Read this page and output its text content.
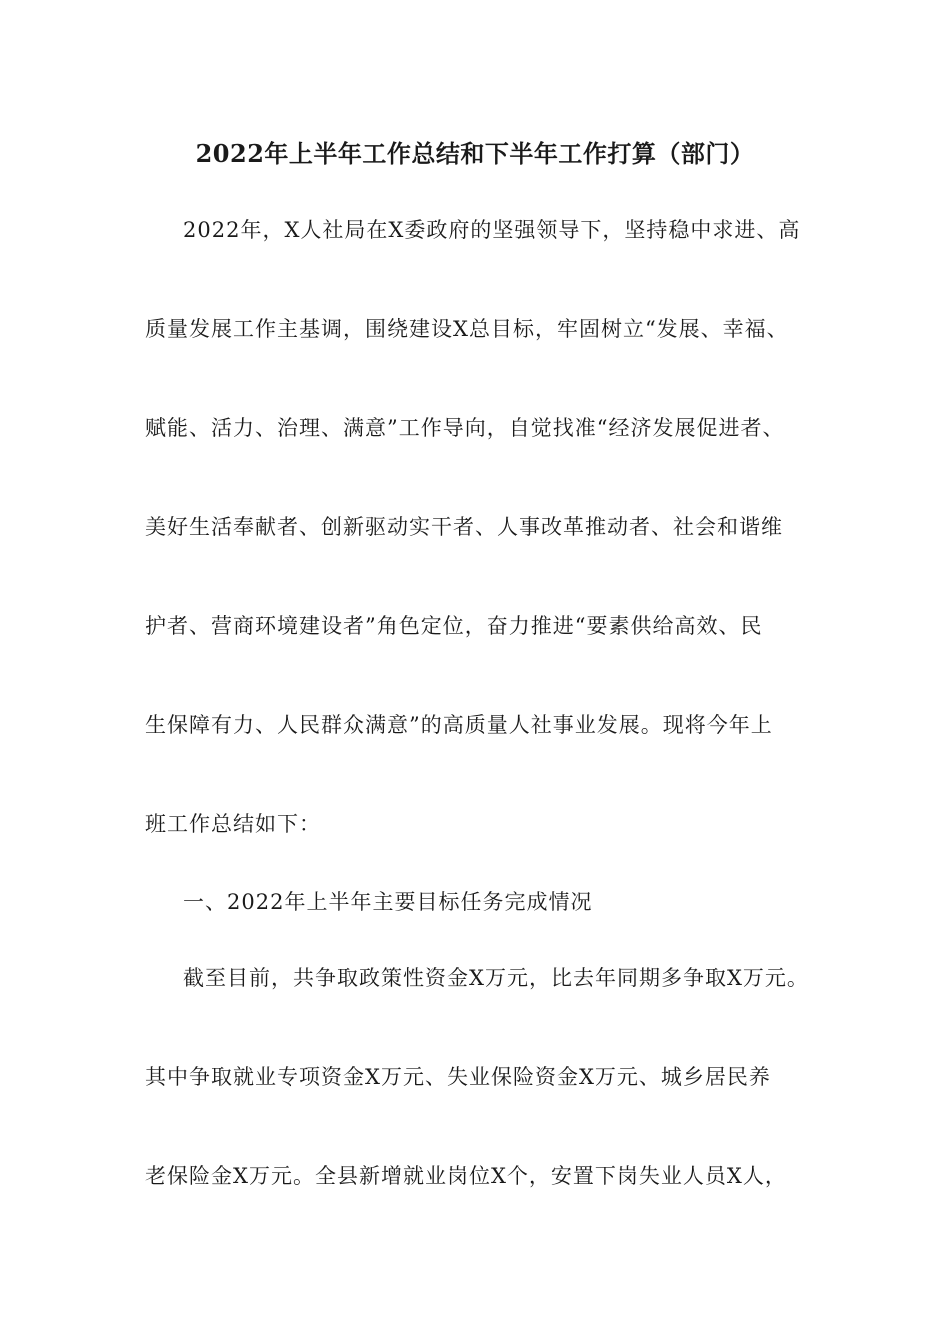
2022年上半年工作总结和下半年工作打算（部门）
2022年，X人社局在X委政府的坚强领导下，坚持稳中求进、高
质量发展工作主基调，围绕建设X总目标，牢固树立“发展、幸福、
赋能、活力、治理、满意”工作导向，自觉找准“经济发展促进者、
美好生活奉献者、创新驱动实干者、人事改革推动者、社会和谐维
护者、营商环境建设者”角色定位，奋力推进“要素供给高效、民
生保障有力、人民群众满意”的高质量人社事业发展。现将今年上
班工作总结如下：
一、2022年上半年主要目标任务完成情况
截至目前，共争取政策性资金X万元，比去年同期多争取X万元。
其中争取就业专项资金X万元、失业保险资金X万元、城乡居民养
老保险金X万元。全县新增就业岗位X个，安置下岗失业人员X人，
